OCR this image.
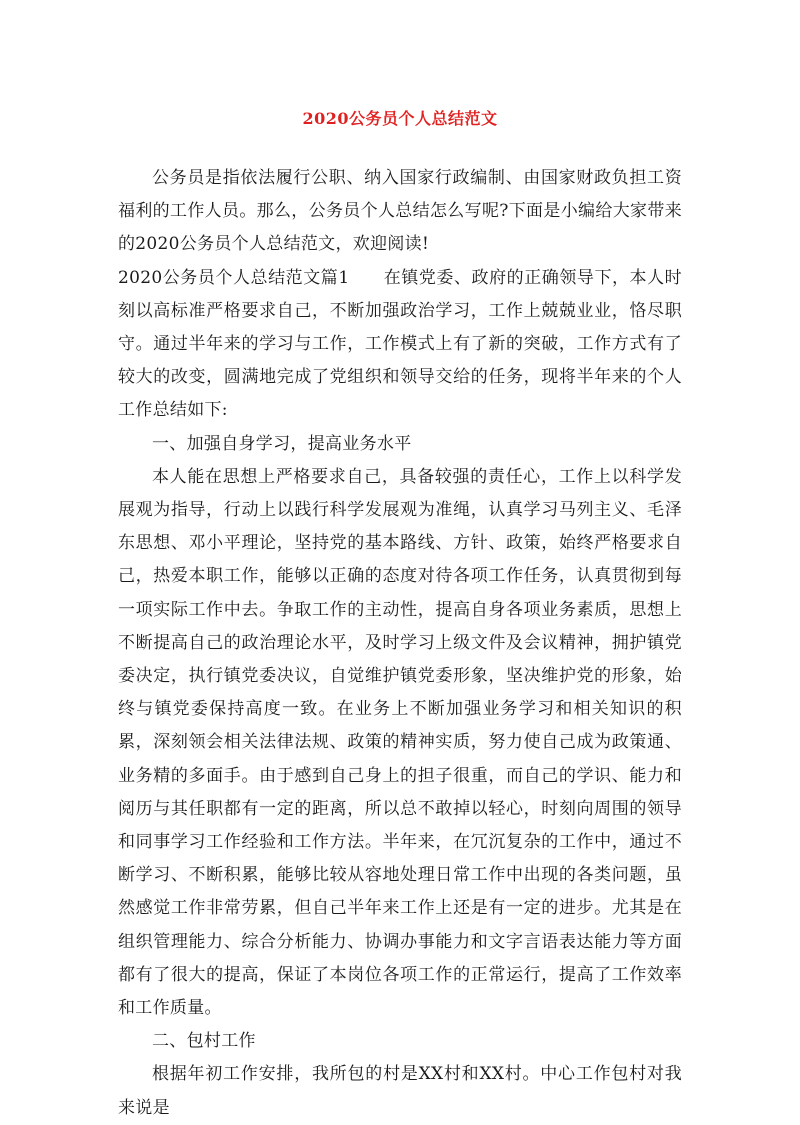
2020公务员个人总结范文

公务员是指依法履行公职、纳入国家行政编制、由国家财政负担工资福利的工作人员。那么，公务员个人总结怎么写呢?下面是小编给大家带来的2020公务员个人总结范文，欢迎阅读!

2020公务员个人总结范文篇1 在镇党委、政府的正确领导下，本人时刻以高标准严格要求自己，不断加强政治学习，工作上兢兢业业，恪尽职守。通过半年来的学习与工作，工作模式上有了新的突破，工作方式有了较大的改变，圆满地完成了党组织和领导交给的任务，现将半年来的个人工作总结如下:

一、加强自身学习，提高业务水平

本人能在思想上严格要求自己，具备较强的责任心，工作上以科学发展观为指导，行动上以践行科学发展观为准绳，认真学习马列主义、毛泽东思想、邓小平理论，坚持党的基本路线、方针、政策，始终严格要求自己，热爱本职工作，能够以正确的态度对待各项工作任务，认真贯彻到每一项实际工作中去。争取工作的主动性，提高自身各项业务素质，思想上不断提高自己的政治理论水平，及时学习上级文件及会议精神，拥护镇党委决定，执行镇党委决议，自觉维护镇党委形象，坚决维护党的形象，始终与镇党委保持高度一致。在业务上不断加强业务学习和相关知识的积累，深刻领会相关法律法规、政策的精神实质，努力使自己成为政策通、业务精的多面手。由于感到自己身上的担子很重，而自己的学识、能力和阅历与其任职都有一定的距离，所以总不敢掉以轻心，时刻向周围的领导和同事学习工作经验和工作方法。半年来，在冗沉复杂的工作中，通过不断学习、不断积累，能够比较从容地处理日常工作中出现的各类问题，虽然感觉工作非常劳累，但自己半年来工作上还是有一定的进步。尤其是在组织管理能力、综合分析能力、协调办事能力和文字言语表达能力等方面都有了很大的提高，保证了本岗位各项工作的正常运行，提高了工作效率和工作质量。

二、包村工作

根据年初工作安排，我所包的村是XX村和XX村。中心工作包村对我来说是
